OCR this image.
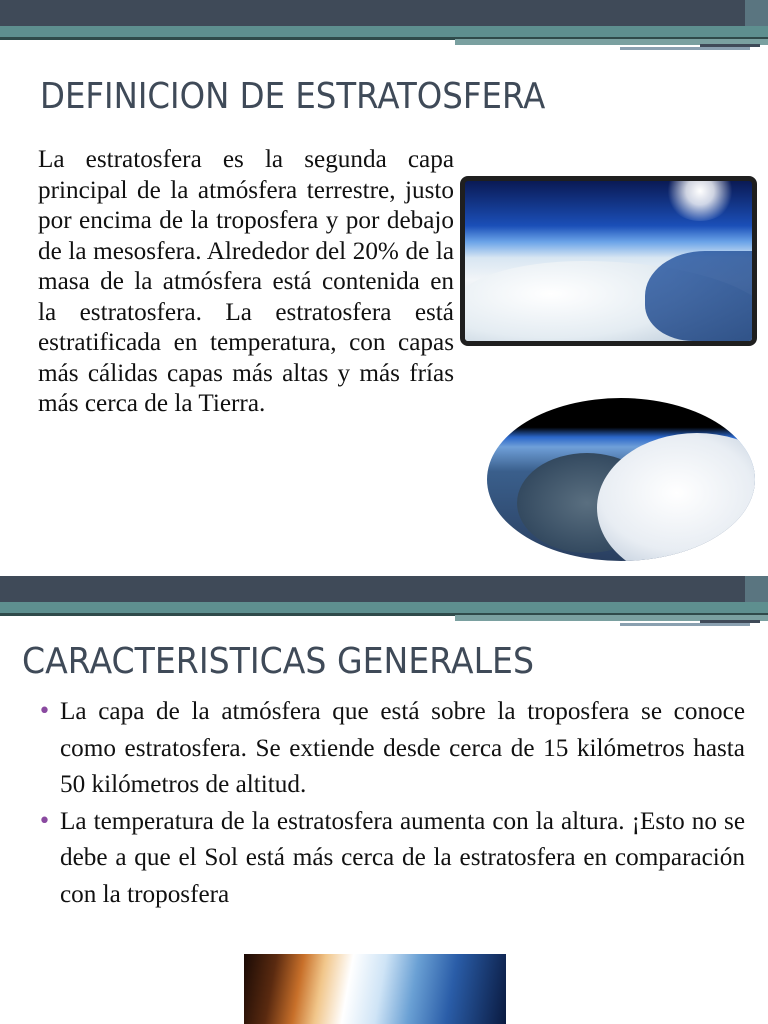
DEFINICION DE ESTRATOSFERA

La estratosfera es la segunda capa principal de la atmósfera terrestre, justo por encima de la troposfera y por debajo de la mesosfera. Alrededor del 20% de la masa de la atmósfera está contenida en la estratosfera. La estratosfera está estratificada en temperatura, con capas más cálidas capas más altas y más frías más cerca de la Tierra.

CARACTERISTICAS GENERALES
• La capa de la atmósfera que está sobre la troposfera se conoce como estratosfera. Se extiende desde cerca de 15 kilómetros hasta 50 kilómetros de altitud.
• La temperatura de la estratosfera aumenta con la altura. ¡Esto no se debe a que el Sol está más cerca de la estratosfera en comparación con la troposfera
